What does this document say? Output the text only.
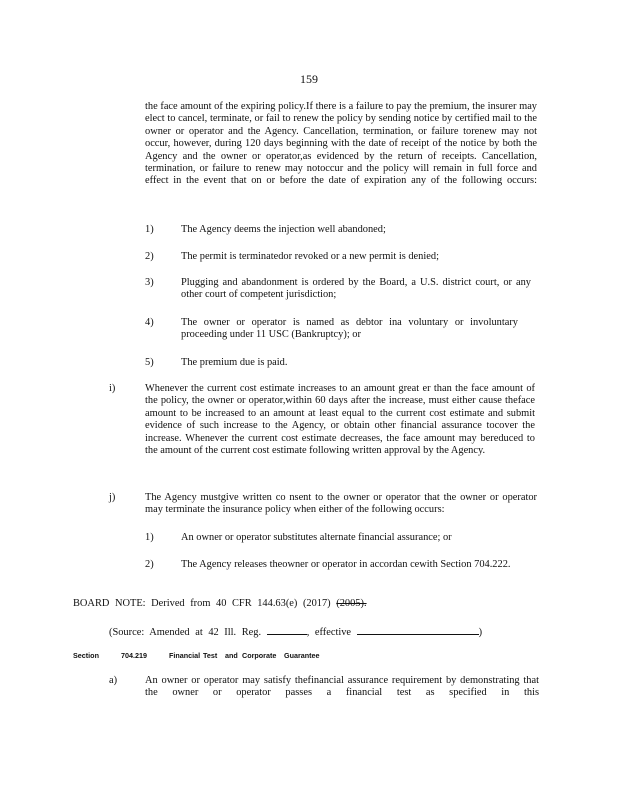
159

the face amount of the expiring policy.If there is a failure to pay the premium, the insurer may elect to cancel, terminate, or fail to renew the policy by sending notice by certified mail to the owner or operator and the Agency. Cancellation, termination, or failure torenew may not occur, however, during 120 days beginning with the date of receipt of the notice by both the Agency and the owner or operator,as evidenced by the return of receipts. Cancellation, termination, or failure to renew may notoccur and the policy will remain in full force and effect in the event that on or before the date of expiration any of the following occurs:

1)	The Agency deems the injection well abandoned;

2)	The permit is terminatedor revoked or a new permit is denied;

3)	Plugging and abandonment is ordered by the Board, a U.S. district court, or any other court of competent jurisdiction;

4)	The owner or operator is named as debtor ina voluntary or involuntary proceeding under 11 USC (Bankruptcy); or

5)	The premium due is paid.

i)	Whenever the current cost estimate increases to an amount great er than the face amount of the policy, the owner or operator,within 60 days after the increase, must either cause theface amount to be increased to an amount at least equal to the current cost estimate and submit evidence of such increase to the Agency, or obtain other financial assurance tocover the increase. Whenever the current cost estimate decreases, the face amount may bereduced to the amount of the current cost estimate following written approval by the Agency.

j)	The Agency mustgive written co nsent to the owner or operator that the owner or operator may terminate the insurance policy when either of the following occurs:

1)	An owner or operator substitutes alternate financial assurance; or

2)	The Agency releases theowner or operator in accordan cewith Section 704.222.

BOARD NOTE: Derived from 40 CFR 144.63(e) (2017) (2005).
(Source: Amended at 42 Ill. Reg.	, effective	)
Section	704.219	Financial Test and Corporate Guarantee
a)	An owner or operator may satisfy thefinancial assurance requirement by demonstrating that the owner or operator passes a financial test as specified in this
